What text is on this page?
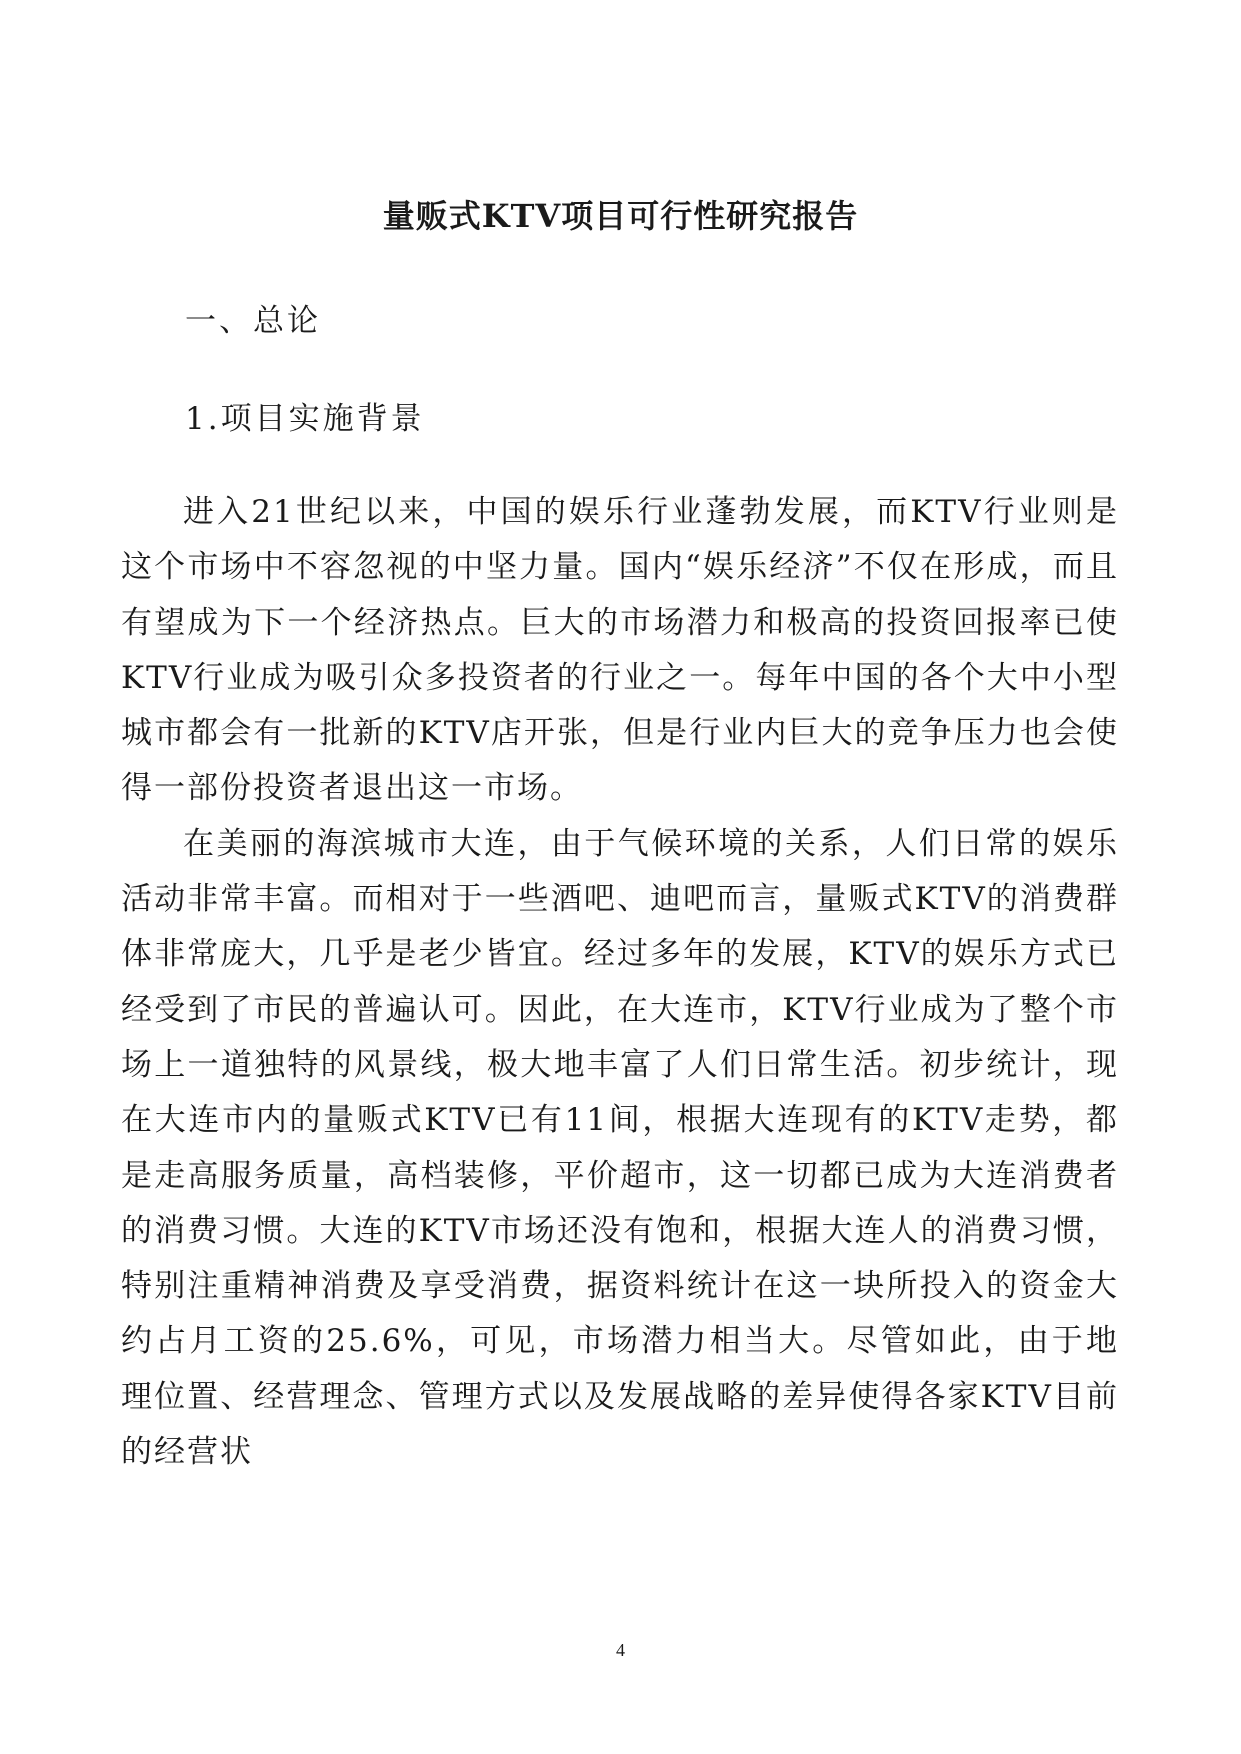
量贩式KTV项目可行性研究报告
一、总论
1.项目实施背景

进入21世纪以来，中国的娱乐行业蓬勃发展，而KTV行业则是这个市场中不容忽视的中坚力量。国内“娱乐经济”不仅在形成，而且有望成为下一个经济热点。巨大的市场潜力和极高的投资回报率已使KTV行业成为吸引众多投资者的行业之一。每年中国的各个大中小型城市都会有一批新的KTV店开张，但是行业内巨大的竞争压力也会使得一部份投资者退出这一市场。

在美丽的海滨城市大连，由于气候环境的关系，人们日常的娱乐活动非常丰富。而相对于一些酒吧、迪吧而言，量贩式KTV的消费群体非常庞大，几乎是老少皆宜。经过多年的发展，KTV的娱乐方式已经受到了市民的普遍认可。因此，在大连市，KTV行业成为了整个市场上一道独特的风景线，极大地丰富了人们日常生活。初步统计，现在大连市内的量贩式KTV已有11间，根据大连现有的KTV走势，都是走高服务质量，高档装修，平价超市，这一切都已成为大连消费者的消费习惯。大连的KTV市场还没有饱和，根据大连人的消费习惯，特别注重精神消费及享受消费，据资料统计在这一块所投入的资金大约占月工资的25.6%，可见，市场潜力相当大。尽管如此，由于地理位置、经营理念、管理方式以及发展战略的差异使得各家KTV目前的经营状

4
